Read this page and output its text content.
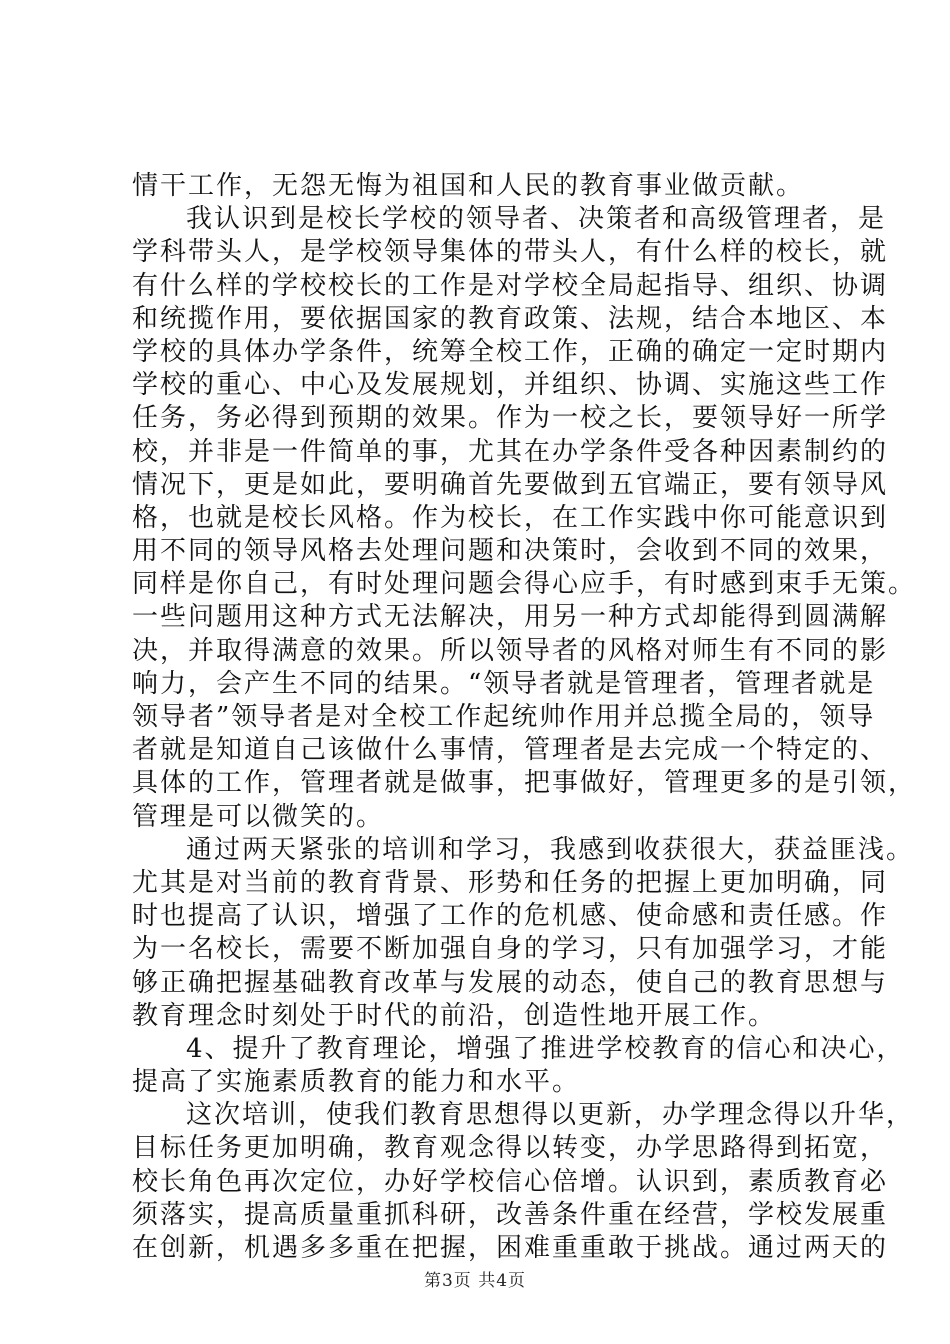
情干工作，无怨无悔为祖国和人民的教育事业做贡献。
我认识到是校长学校的领导者、决策者和高级管理者，是
学科带头人，是学校领导集体的带头人，有什么样的校长，就
有什么样的学校校长的工作是对学校全局起指导、组织、协调
和统揽作用，要依据国家的教育政策、法规，结合本地区、本
学校的具体办学条件，统筹全校工作，正确的确定一定时期内
学校的重心、中心及发展规划，并组织、协调、实施这些工作
任务，务必得到预期的效果。作为一校之长，要领导好一所学
校，并非是一件简单的事，尤其在办学条件受各种因素制约的
情况下，更是如此，要明确首先要做到五官端正，要有领导风
格，也就是校长风格。作为校长，在工作实践中你可能意识到
用不同的领导风格去处理问题和决策时，会收到不同的效果，
同样是你自己，有时处理问题会得心应手，有时感到束手无策。
一些问题用这种方式无法解决，用另一种方式却能得到圆满解
决，并取得满意的效果。所以领导者的风格对师生有不同的影
响力，会产生不同的结果。“领导者就是管理者，管理者就是
领导者”领导者是对全校工作起统帅作用并总揽全局的，领导
者就是知道自己该做什么事情，管理者是去完成一个特定的、
具体的工作，管理者就是做事，把事做好，管理更多的是引领，
管理是可以微笑的。
通过两天紧张的培训和学习，我感到收获很大，获益匪浅。
尤其是对当前的教育背景、形势和任务的把握上更加明确，同
时也提高了认识，增强了工作的危机感、使命感和责任感。作
为一名校长，需要不断加强自身的学习，只有加强学习，才能
够正确把握基础教育改革与发展的动态，使自己的教育思想与
教育理念时刻处于时代的前沿，创造性地开展工作。
4、提升了教育理论，增强了推进学校教育的信心和决心，
提高了实施素质教育的能力和水平。
这次培训，使我们教育思想得以更新，办学理念得以升华，
目标任务更加明确，教育观念得以转变，办学思路得到拓宽，
校长角色再次定位，办好学校信心倍增。认识到，素质教育必
须落实，提高质量重抓科研，改善条件重在经营，学校发展重
在创新，机遇多多重在把握，困难重重敢于挑战。通过两天的
第3页 共4页
